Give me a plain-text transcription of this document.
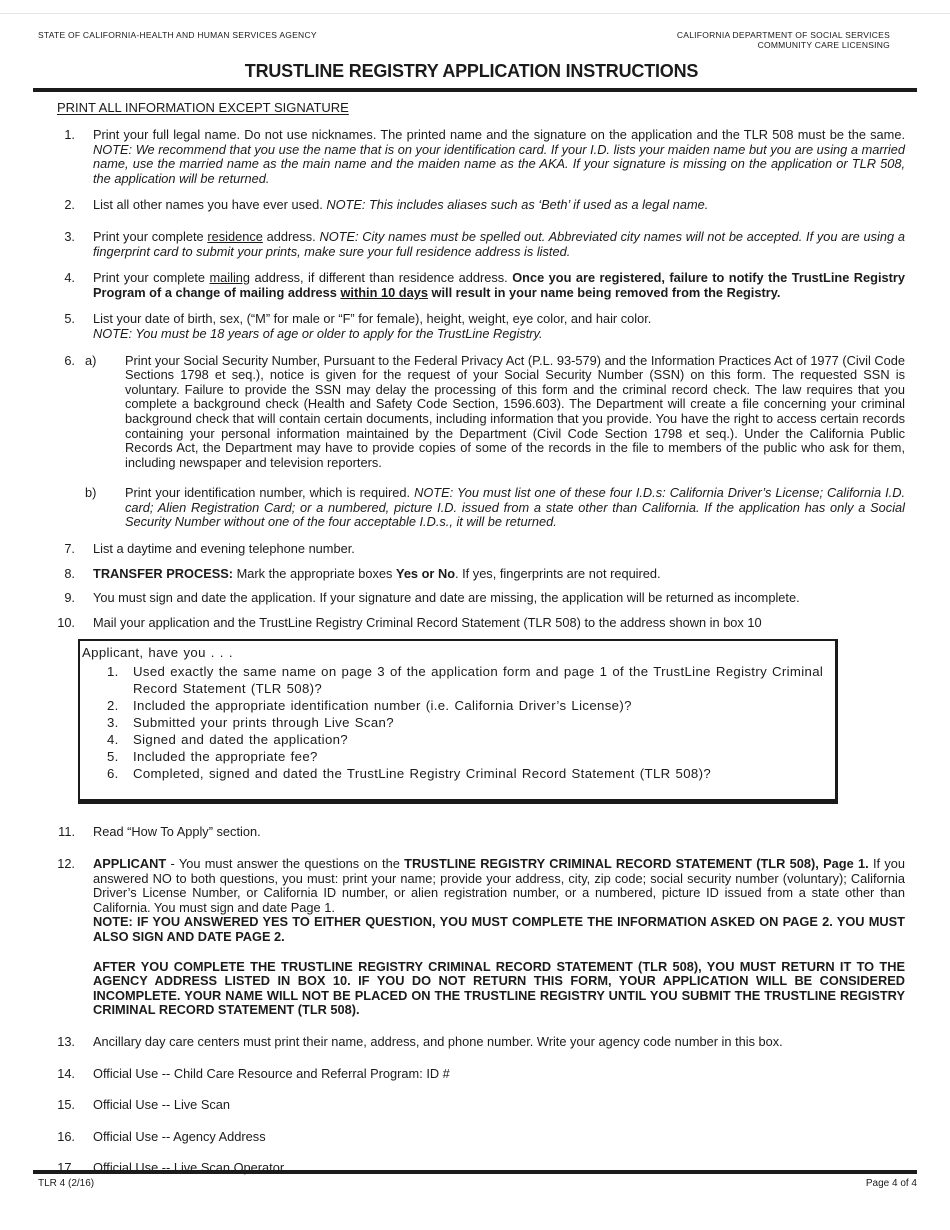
STATE OF CALIFORNIA-HEALTH AND HUMAN SERVICES AGENCY	CALIFORNIA DEPARTMENT OF SOCIAL SERVICES
COMMUNITY CARE LICENSING
TRUSTLINE REGISTRY APPLICATION INSTRUCTIONS
PRINT ALL INFORMATION EXCEPT SIGNATURE
1. Print your full legal name. Do not use nicknames. The printed name and the signature on the application and the TLR 508 must be the same. NOTE: We recommend that you use the name that is on your identification card. If your I.D. lists your maiden name but you are using a married name, use the married name as the main name and the maiden name as the AKA. If your signature is missing on the application or TLR 508, the application will be returned.
2. List all other names you have ever used. NOTE: This includes aliases such as ‘Beth’ if used as a legal name.
3. Print your complete residence address. NOTE: City names must be spelled out. Abbreviated city names will not be accepted. If you are using a fingerprint card to submit your prints, make sure your full residence address is listed.
4. Print your complete mailing address, if different than residence address. Once you are registered, failure to notify the TrustLine Registry Program of a change of mailing address within 10 days will result in your name being removed from the Registry.
5. List your date of birth, sex, (“M” for male or “F” for female), height, weight, eye color, and hair color.
NOTE: You must be 18 years of age or older to apply for the TrustLine Registry.
6. a)	Print your Social Security Number, Pursuant to the Federal Privacy Act (P.L. 93-579) and the Information Practices Act of 1977 (Civil Code Sections 1798 et seq.), notice is given for the request of your Social Security Number (SSN) on this form. The requested SSN is voluntary. Failure to provide the SSN may delay the processing of this form and the criminal record check. The law requires that you complete a background check (Health and Safety Code Section, 1596.603). The Department will create a file concerning your criminal background check that will contain certain documents, including information that you provide. You have the right to access certain records containing your personal information maintained by the Department (Civil Code Section 1798 et seq.). Under the California Public Records Act, the Department may have to provide copies of some of the records in the file to members of the public who ask for them, including newspaper and television reporters.
b)	Print your identification number, which is required. NOTE: You must list one of these four I.D.s: California Driver’s License; California I.D. card; Alien Registration Card; or a numbered, picture I.D. issued from a state other than California. If the application has only a Social Security Number without one of the four acceptable I.D.s., it will be returned.
7. List a daytime and evening telephone number.
8. TRANSFER PROCESS: Mark the appropriate boxes Yes or No. If yes, fingerprints are not required.
9. You must sign and date the application. If your signature and date are missing, the application will be returned as incomplete.
10. Mail your application and the TrustLine Registry Criminal Record Statement (TLR 508) to the address shown in box 10
Applicant, have you . . .
1.	Used exactly the same name on page 3 of the application form and page 1 of the TrustLine Registry Criminal Record Statement (TLR 508)?
2.	Included the appropriate identification number (i.e. California Driver’s License)?
3.	Submitted your prints through Live Scan?
4.	Signed and dated the application?
5.	Included the appropriate fee?
6.	Completed, signed and dated the TrustLine Registry Criminal Record Statement (TLR 508)?
11. Read “How To Apply” section.
12. APPLICANT - You must answer the questions on the TRUSTLINE REGISTRY CRIMINAL RECORD STATEMENT (TLR 508), Page 1. If you answered NO to both questions, you must: print your name; provide your address, city, zip code; social security number (voluntary); California Driver’s License Number, or California ID number, or alien registration number, or a numbered, picture ID issued from a state other than California. You must sign and date Page 1.
NOTE: IF YOU ANSWERED YES TO EITHER QUESTION, YOU MUST COMPLETE THE INFORMATION ASKED ON PAGE 2. YOU MUST ALSO SIGN AND DATE PAGE 2.
AFTER YOU COMPLETE THE TRUSTLINE REGISTRY CRIMINAL RECORD STATEMENT (TLR 508), YOU MUST RETURN IT TO THE AGENCY ADDRESS LISTED IN BOX 10. IF YOU DO NOT RETURN THIS FORM, YOUR APPLICATION WILL BE CONSIDERED INCOMPLETE. YOUR NAME WILL NOT BE PLACED ON THE TRUSTLINE REGISTRY UNTIL YOU SUBMIT THE TRUSTLINE REGISTRY CRIMINAL RECORD STATEMENT (TLR 508).
13. Ancillary day care centers must print their name, address, and phone number. Write your agency code number in this box.
14. Official Use -- Child Care Resource and Referral Program: ID #
15. Official Use -- Live Scan
16. Official Use -- Agency Address
17. Official Use -- Live Scan Operator
TLR 4 (2/16)	Page 4 of 4
